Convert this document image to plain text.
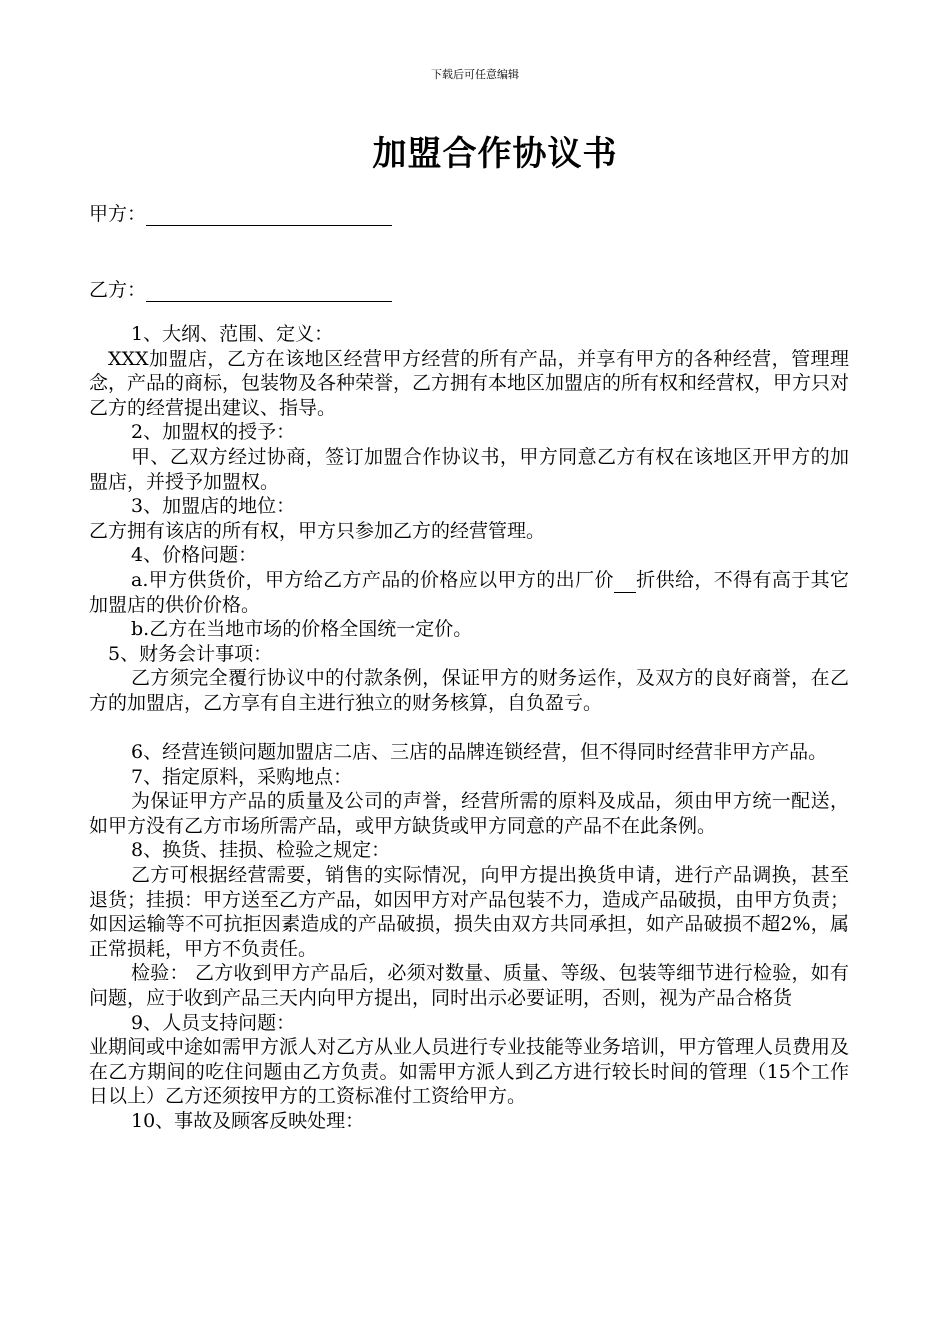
下载后可任意编辑
加盟合作协议书
甲方：
乙方：

1、大纲、范围、定义：

XXX加盟店，乙方在该地区经营甲方经营的所有产品，并享有甲方的各种经营，管理理念，产品的商标，包装物及各种荣誉，乙方拥有本地区加盟店的所有权和经营权，甲方只对乙方的经营提出建议、指导。

2、加盟权的授予：

甲、乙双方经过协商，签订加盟合作协议书，甲方同意乙方有权在该地区开甲方的加盟店，并授予加盟权。

3、加盟店的地位：

乙方拥有该店的所有权，甲方只参加乙方的经营管理。

4、价格问题：

a.甲方供货价，甲方给乙方产品的价格应以甲方的出厂价 折供给，不得有高于其它加盟店的供价价格。

b.乙方在当地市场的价格全国统一定价。

5、财务会计事项：

乙方须完全覆行协议中的付款条例，保证甲方的财务运作，及双方的良好商誉，在乙方的加盟店，乙方享有自主进行独立的财务核算，自负盈亏。

6、经营连锁问题加盟店二店、三店的品牌连锁经营，但不得同时经营非甲方产品。

7、指定原料，采购地点：

为保证甲方产品的质量及公司的声誉，经营所需的原料及成品，须由甲方统一配送，如甲方没有乙方市场所需产品，或甲方缺货或甲方同意的产品不在此条例。

8、换货、挂损、检验之规定：

乙方可根据经营需要，销售的实际情况，向甲方提出换货申请，进行产品调换，甚至退货；挂损：甲方送至乙方产品，如因甲方对产品包装不力，造成产品破损，由甲方负责；如因运输等不可抗拒因素造成的产品破损，损失由双方共同承担，如产品破损不超2%，属正常损耗，甲方不负责任。

检验： 乙方收到甲方产品后，必须对数量、质量、等级、包装等细节进行检验，如有问题，应于收到产品三天内向甲方提出，同时出示必要证明，否则，视为产品合格货

9、人员支持问题：

业期间或中途如需甲方派人对乙方从业人员进行专业技能等业务培训，甲方管理人员费用及在乙方期间的吃住问题由乙方负责。如需甲方派人到乙方进行较长时间的管理（15个工作日以上）乙方还须按甲方的工资标准付工资给甲方。

10、事故及顾客反映处理：
